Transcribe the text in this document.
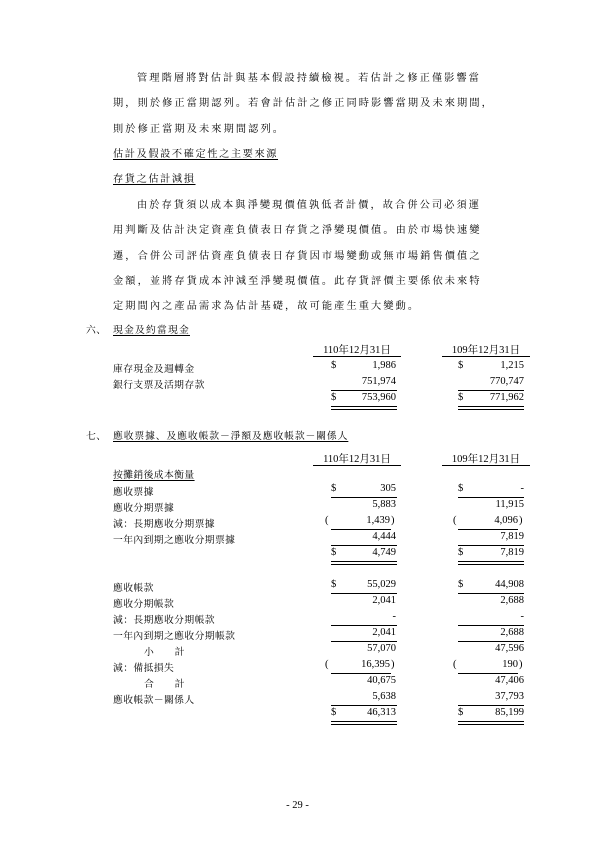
管理階層將對估計與基本假設持續檢視。若估計之修正僅影響當
期，則於修正當期認列。若會計估計之修正同時影響當期及未來期間，
則於修正當期及未來期間認列。
估計及假設不確定性之主要來源
存貨之估計減損
由於存貨須以成本與淨變現價值孰低者計價，故合併公司必須運
用判斷及估計決定資產負債表日存貨之淨變現價值。由於市場快速變
遷，合併公司評估資產負債表日存貨因市場變動或無市場銷售價值之
金額，並將存貨成本沖減至淨變現價值。此存貨評價主要係依未來特
定期間內之產品需求為估計基礎，故可能產生重大變動。
六、 現金及約當現金
110年12月31日	109年12月31日
庫存現金及週轉金	$	1,986	$	1,215
銀行支票及活期存款	751,974	770,747
$	753,960	$	771,962
七、 應收票據、及應收帳款－淨額及應收帳款－關係人
110年12月31日	109年12月31日
按攤銷後成本衡量
應收票據	$	305	$	-
應收分期票據	5,883	11,915
減：長期應收分期票據	(	1,439 )	(	4,096 )
一年內到期之應收分期票據	4,444	7,819
$	4,749	$	7,819
應收帳款	$	55,029	$	44,908
應收分期帳款	2,041	2,688
減：長期應收分期帳款	-	-
一年內到期之應收分期帳款	2,041	2,688
小　　計	57,070	47,596
減：備抵損失	(	16,395 )	(	190 )
合　　計	40,675	47,406
應收帳款－關係人	5,638	37,793
$	46,313	$	85,199
- 29 -
